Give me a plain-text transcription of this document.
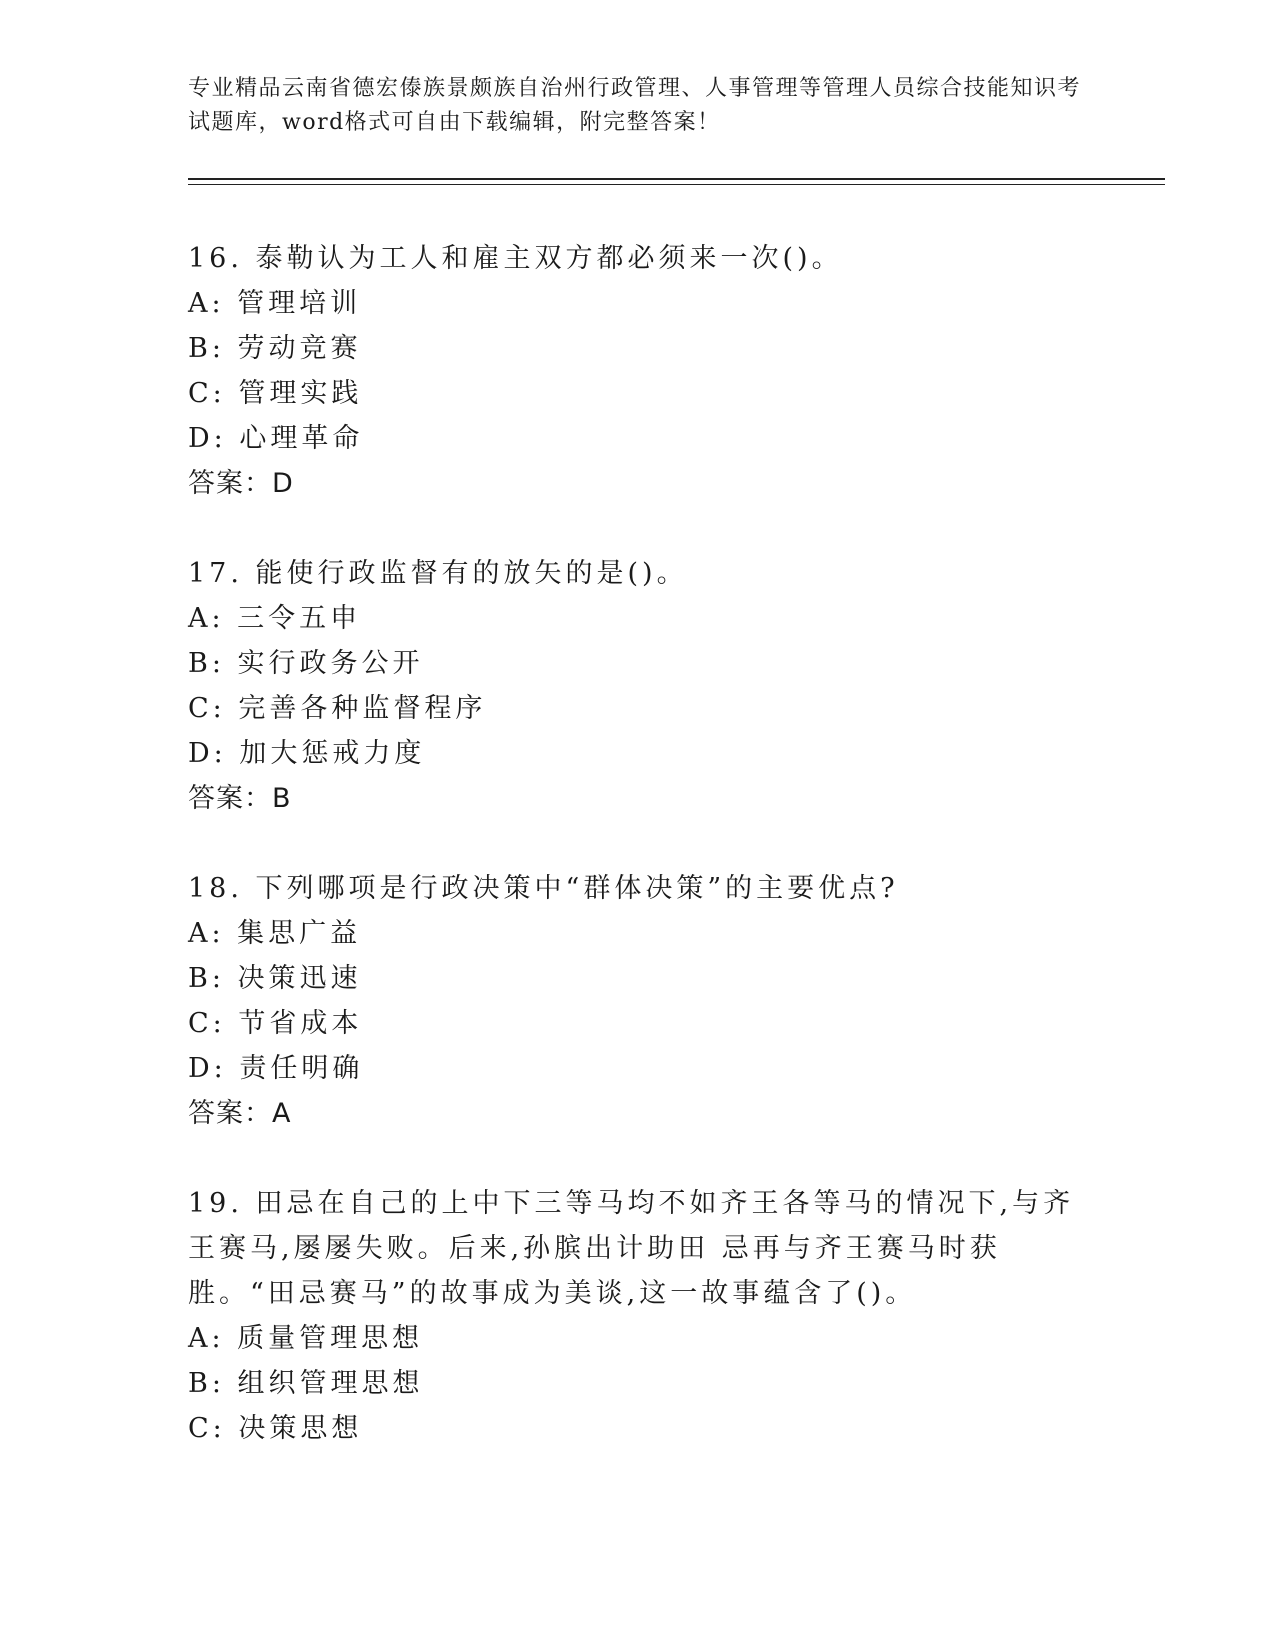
专业精品云南省德宏傣族景颇族自治州行政管理、人事管理等管理人员综合技能知识考试题库，word格式可自由下载编辑，附完整答案！
16. 泰勒认为工人和雇主双方都必须来一次()。
A: 管理培训
B: 劳动竞赛
C: 管理实践
D: 心理革命
答案：D
17. 能使行政监督有的放矢的是()。
A: 三令五申
B: 实行政务公开
C: 完善各种监督程序
D: 加大惩戒力度
答案：B
18. 下列哪项是行政决策中“群体决策”的主要优点?
A: 集思广益
B: 决策迅速
C: 节省成本
D: 责任明确
答案：A
19. 田忌在自己的上中下三等马均不如齐王各等马的情况下,与齐王赛马,屡屡失败。后来,孙膑出计助田 忌再与齐王赛马时获胜。“田忌赛马”的故事成为美谈,这一故事蕴含了()。
A: 质量管理思想
B: 组织管理思想
C: 决策思想
